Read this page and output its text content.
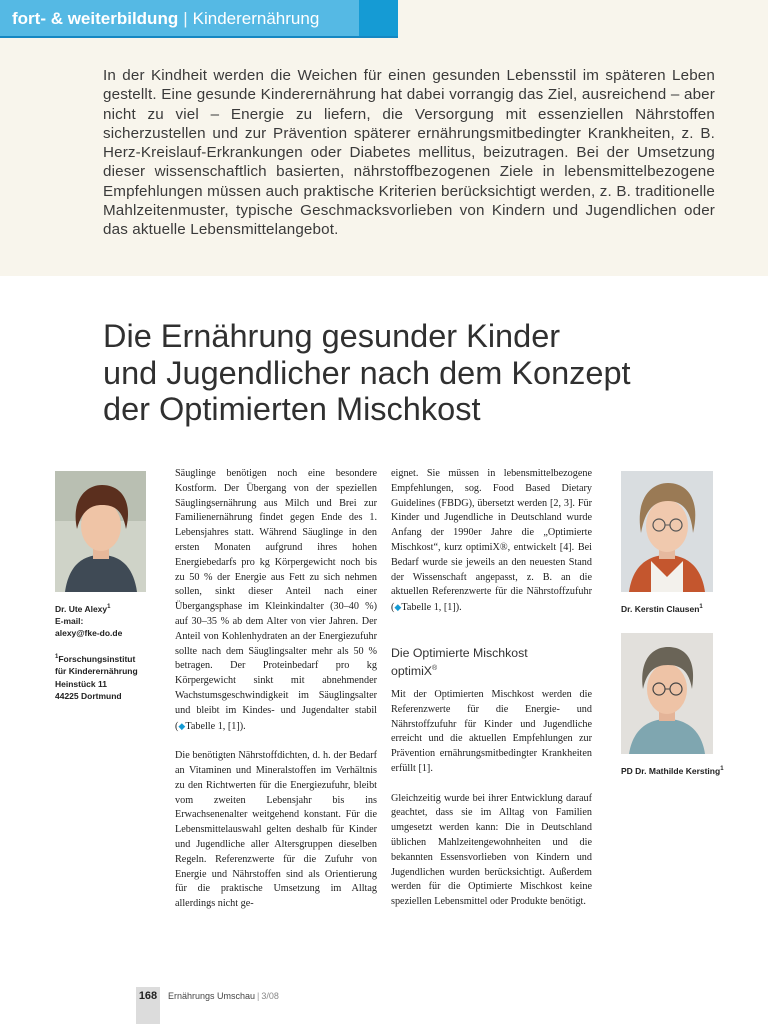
fort- & weiterbildung | Kinderernährung

In der Kindheit werden die Weichen für einen gesunden Lebensstil im späteren Leben gestellt. Eine gesunde Kinderernährung hat dabei vorrangig das Ziel, ausreichend – aber nicht zu viel – Energie zu liefern, die Versorgung mit essenziellen Nährstoffen sicherzustellen und zur Prävention späterer ernährungsmitbedingter Krankheiten, z. B. Herz-Kreislauf-Erkrankungen oder Diabetes mellitus, beizutragen. Bei der Umsetzung dieser wissenschaftlich basierten, nährstoffbezogenen Ziele in lebensmittelbezogene Empfehlungen müssen auch praktische Kriterien berücksichtigt werden, z. B. traditionelle Mahlzeitenmuster, typische Geschmacksvorlieben von Kindern und Jugendlichen oder das aktuelle Lebensmittelangebot.

Die Ernährung gesunder Kinder
und Jugendlicher nach dem Konzept
der Optimierten Mischkost
Dr. Ute Alexy$^1$
E-mail:
alexy@fke-do.de
$^1$Forschungsinstitut
für Kinderernährung
Heinstück 11
44225 Dortmund
Dr. Kerstin Clausen$^1$
PD Dr. Mathilde Kersting$^1$

Säuglinge benötigen noch eine besondere Kostform. Der Übergang von der speziellen Säuglingsernährung aus Milch und Brei zur Familienernährung findet gegen Ende des 1. Lebensjahres statt. Während Säuglinge in den ersten Monaten aufgrund ihres hohen Energiebedarfs pro kg Körpergewicht noch bis zu 50 % der Energie aus Fett zu sich nehmen sollen, sinkt dieser Anteil nach einer Übergangsphase im Kleinkindalter (30–40 %) auf 30–35 % ab dem Alter von vier Jahren. Der Anteil von Kohlenhydraten an der Energiezufuhr sollte nach dem Säuglingsalter mehr als 50 % betragen. Der Proteinbedarf pro kg Körpergewicht sinkt mit abnehmender Wachstumsgeschwindigkeit im Säuglingsalter und bleibt im Kindes- und Jugendalter stabil (◆Tabelle 1, [1]).

Die benötigten Nährstoffdichten, d. h. der Bedarf an Vitaminen und Mineralstoffen im Verhältnis zu den Richtwerten für die Energiezufuhr, bleibt vom zweiten Lebensjahr bis ins Erwachsenenalter weitgehend konstant. Für die Lebensmittelauswahl gelten deshalb für Kinder und Jugendliche aller Altersgruppen dieselben Regeln. Referenzwerte für die Zufuhr von Energie und Nährstoffen sind als Orientierung für die praktische Umsetzung im Alltag allerdings nicht ge-

eignet. Sie müssen in lebensmittelbezogene Empfehlungen, sog. Food Based Dietary Guidelines (FBDG), übersetzt werden [2, 3]. Für Kinder und Jugendliche in Deutschland wurde Anfang der 1990er Jahre die „Optimierte Mischkost“, kurz optimiX®, entwickelt [4]. Bei Bedarf wurde sie jeweils an den neuesten Stand der Wissenschaft angepasst, z. B. an die aktuellen Referenzwerte für die Nährstoffzufuhr (◆Tabelle 1, [1]).

Die Optimierte Mischkost
optimiX®

Mit der Optimierten Mischkost werden die Referenzwerte für die Energie- und Nährstoffzufuhr für Kinder und Jugendliche erreicht und die aktuellen Empfehlungen zur Prävention ernährungsmitbedingter Krankheiten erfüllt [1].

Gleichzeitig wurde bei ihrer Entwicklung darauf geachtet, dass sie im Alltag von Familien umgesetzt werden kann: Die in Deutschland üblichen Mahlzeitengewohnheiten und die bekannten Essensvorlieben von Kindern und Jugendlichen wurden berücksichtigt. Außerdem werden für die Optimierte Mischkost keine speziellen Lebensmittel oder Produkte benötigt.

168	Ernährungs Umschau | 3/08
